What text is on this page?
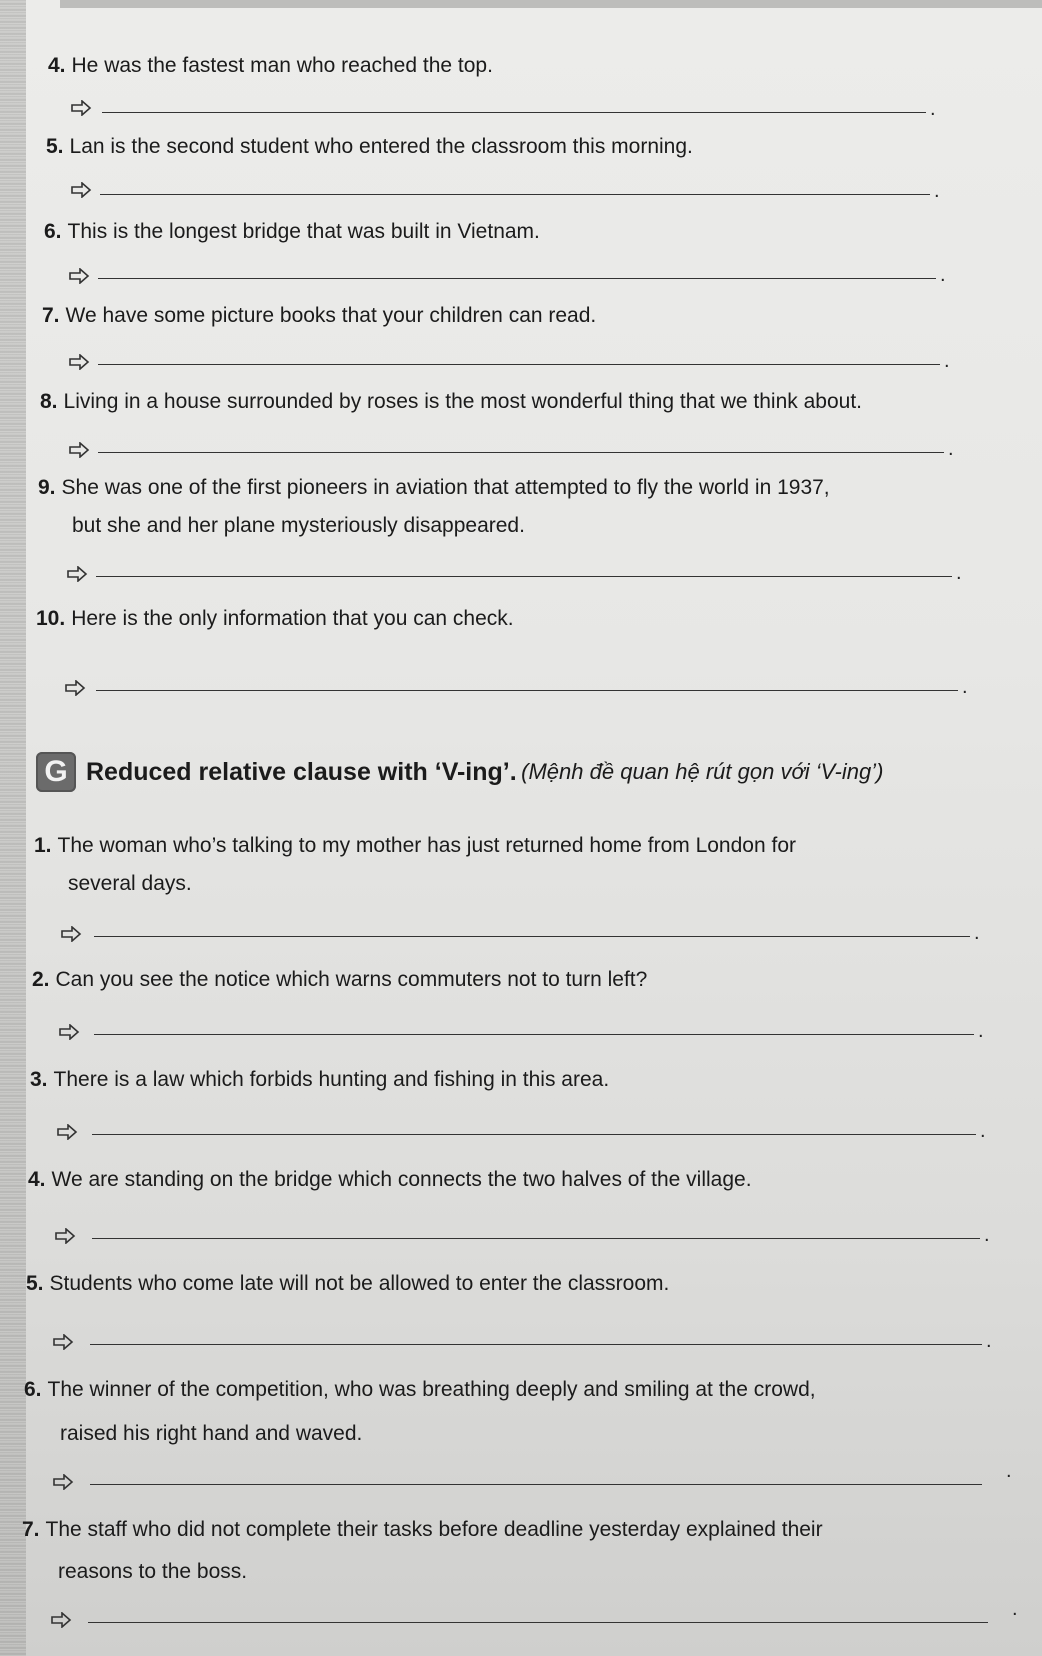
4. He was the fastest man who reached the top.
5. Lan is the second student who entered the classroom this morning.
6. This is the longest bridge that was built in Vietnam.
7. We have some picture books that your children can read.
8. Living in a house surrounded by roses is the most wonderful thing that we think about.
9. She was one of the first pioneers in aviation that attempted to fly the world in 1937,
but she and her plane mysteriously disappeared.
10. Here is the only information that you can check.
.
.
.
.
.
.
.
G Reduced relative clause with ‘V-ing’. (Mệnh đề quan hệ rút gọn với ‘V-ing’)
1. The woman who’s talking to my mother has just returned home from London for
several days.
2. Can you see the notice which warns commuters not to turn left?
3. There is a law which forbids hunting and fishing in this area.
4. We are standing on the bridge which connects the two halves of the village.
5. Students who come late will not be allowed to enter the classroom.
6. The winner of the competition, who was breathing deeply and smiling at the crowd,
raised his right hand and waved.
7. The staff who did not complete their tasks before deadline yesterday explained their
reasons to the boss.
.
.
.
.
.
.
.
